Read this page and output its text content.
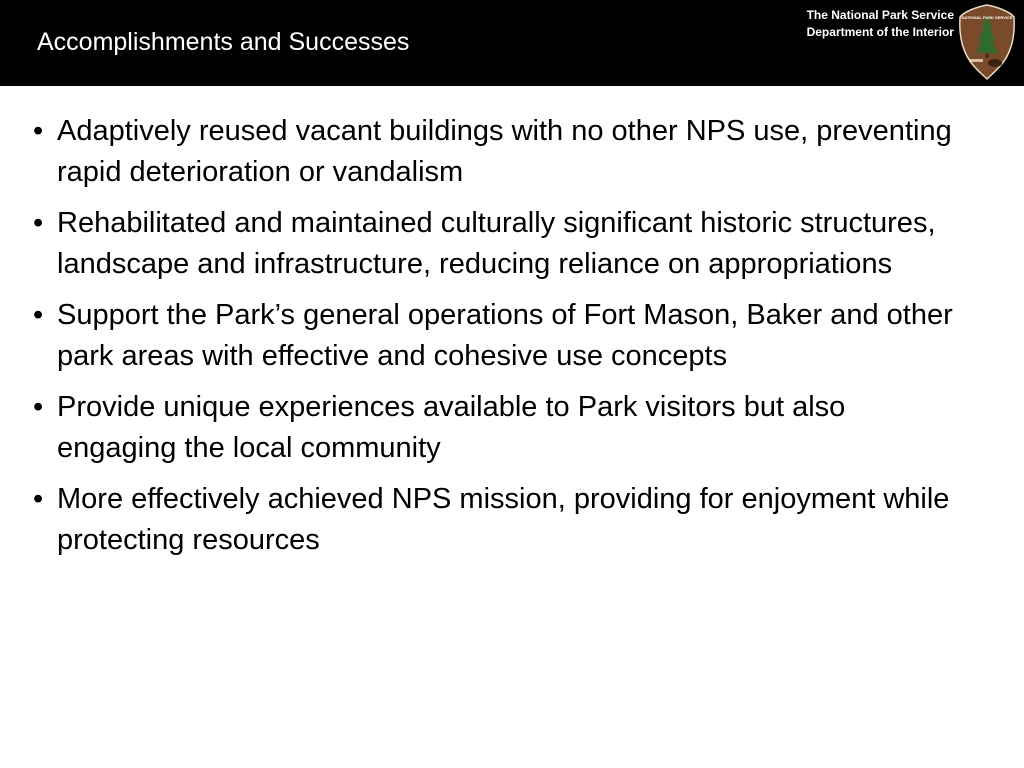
Accomplishments and Successes
The National Park Service
Department of the Interior
NATIONAL PARK SERVICE
• Adaptively reused vacant buildings with no other NPS use, preventing rapid deterioration or vandalism
• Rehabilitated and maintained culturally significant historic structures, landscape and infrastructure, reducing reliance on appropriations
• Support the Park’s general operations of Fort Mason, Baker and other park areas with effective and cohesive use concepts
• Provide unique experiences available to Park visitors but also engaging the local community
• More effectively achieved NPS mission, providing for enjoyment while protecting resources
